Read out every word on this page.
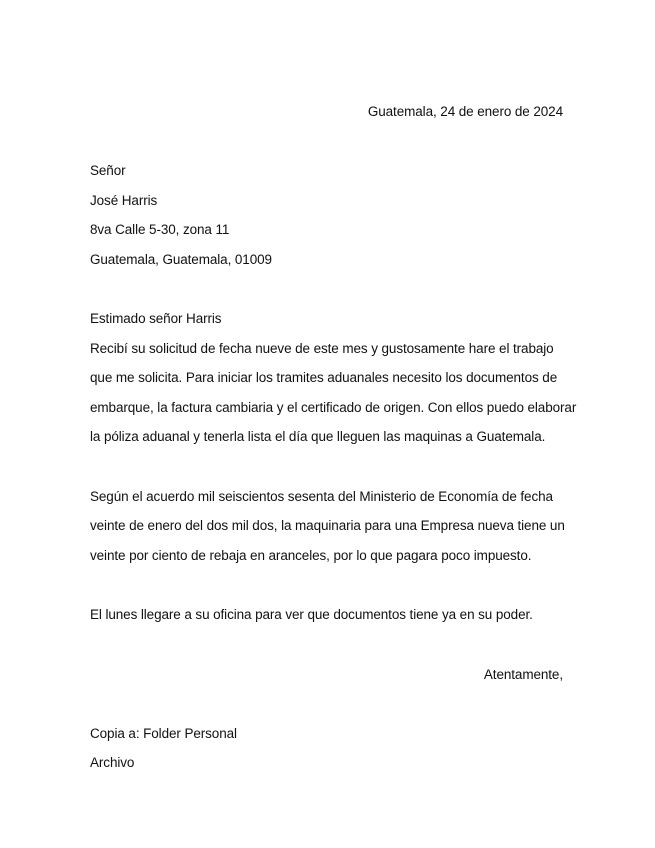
Guatemala, 24 de enero de 2024
Señor
José Harris
8va Calle 5-30, zona 11
Guatemala, Guatemala, 01009
Estimado señor Harris
Recibí su solicitud de fecha nueve de este mes y gustosamente hare el trabajo
que me solicita. Para iniciar los tramites aduanales necesito los documentos de
embarque, la factura cambiaria y el certificado de origen. Con ellos puedo elaborar
la póliza aduanal y tenerla lista el día que lleguen las maquinas a Guatemala.
Según el acuerdo mil seiscientos sesenta del Ministerio de Economía de fecha
veinte de enero del dos mil dos, la maquinaria para una Empresa nueva tiene un
veinte por ciento de rebaja en aranceles, por lo que pagara poco impuesto.
El lunes llegare a su oficina para ver que documentos tiene ya en su poder.
Atentamente,
Copia a: Folder Personal
Archivo
